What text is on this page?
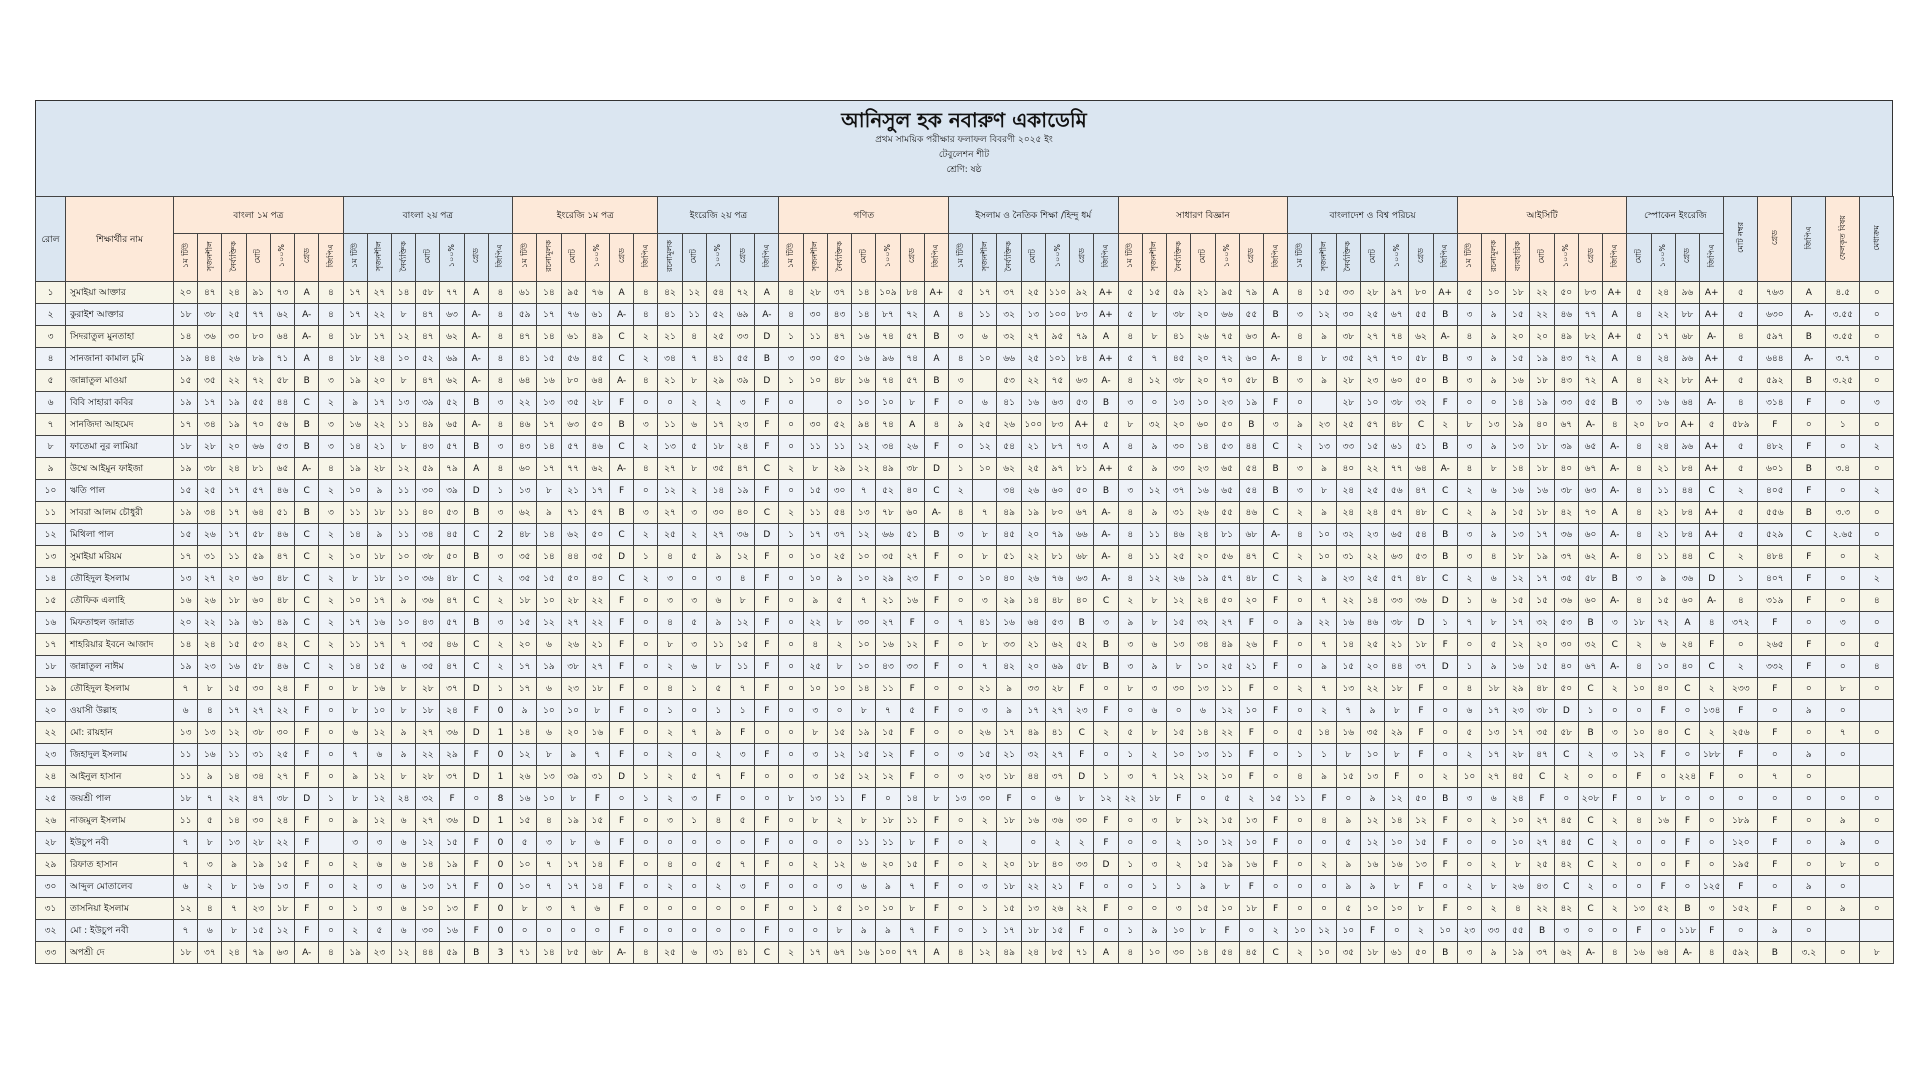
আনিসুল হক নবারুণ একাডেমি
প্রথম সাময়িক পরীক্ষার ফলাফল বিবরণী ২০২৫ ইং
টেবুলেশন শীট
শ্রেণি: ষষ্ঠ
রোল	শিক্ষার্থীর নাম	বাংলা ১ম পত্র	বাংলা ২য় পত্র	ইংরেজি ১ম পত্র	ইংরেজি ২য় পত্র	গণিত	ইসলাম ও নৈতিক শিক্ষা /হিন্দু ধর্ম	সাধারণ বিজ্ঞান	বাংলাদেশ ও বিশ্ব পরিচয়	আইসিটি	স্পোকেন ইংরেজি	মোট নম্বর	গ্রেড	জিপিএ	ফেলকৃত বিষয়	মেধাক্রম
১ম টিউ	সৃজনশীল	নৈর্ব্যক্তিক	মোট	১০০%	গ্রেড	জিপিএ	১ম টিউ	সৃজনশীল	নৈর্ব্যক্তিক	মোট	১০০%	গ্রেড	জিপিএ	১ম টিউ	রচনামূলক	মোট	১০০%	গ্রেড	জিপিএ	রচনামূলক	মোট	১০০%	গ্রেড	জিপিএ	১ম টিউ	সৃজনশীল	নৈর্ব্যক্তিক	মোট	১০০%	গ্রেড	জিপিএ	১ম টিউ	সৃজনশীল	নৈর্ব্যক্তিক	মোট	১০০%	গ্রেড	জিপিএ	১ম টিউ	সৃজনশীল	নৈর্ব্যক্তিক	মোট	১০০%	গ্রেড	জিপিএ	১ম টিউ	সৃজনশীল	নৈর্ব্যক্তিক	মোট	১০০%	গ্রেড	জিপিএ	১ম টিউ	রচনামূলক	ব্যবহারিক	মোট	১০০%	গ্রেড	জিপিএ	মোট	১০০%	গ্রেড	জিপিএ
১	সুমাইয়া আক্তার	২০	৪৭	২৪	৯১	৭৩	A	৪	১৭	২৭	১৪	৫৮	৭৭	A	৪	৬১	১৪	৯৫	৭৬	A	৪	৪২	১২	৫৪	৭২	A	৪	২৮	৩৭	১৪	১০৯	৮৪	A+	৫	১৭	৩৭	২৫	১১০	৯২	A+	৫	১৫	৫৯	২১	৯৫	৭৯	A	৪	১৫	৩৩	২৮	৯৭	৮০	A+	৫	১০	১৮	২২	৫০	৮৩	A+	৫	২৪	৯৬	A+	৫	৭৬৩	A	৪.৫	০
২	কুরাইশ আক্তার	১৮	৩৮	২৫	৭৭	৬২	A-	৪	১৭	২২	৮	৪৭	৬৩	A-	৪	৫৯	১৭	৭৬	৬১	A-	৪	৪১	১১	৫২	৬৯	A-	৪	৩০	৪৩	১৪	৮৭	৭২	A	৪	১১	৩২	১৩	১০০	৮৩	A+	৫	৮	৩৮	২০	৬৬	৫৫	B	৩	১২	৩০	২৫	৬৭	৫৫	B	৩	৯	১৫	২২	৪৬	৭৭	A	৪	২২	৮৮	A+	৫	৬৩০	A-	৩.৫৫	০
৩	সিদরাতুল মুনতাহা	১৪	৩৬	৩০	৮০	৬৪	A-	৪	১৮	১৭	১২	৪৭	৬২	A-	৪	৪৭	১৪	৬১	৪৯	C	২	২১	৪	২৫	৩৩	D	১	১১	৪৭	১৬	৭৪	৫৭	B	৩	৬	৩২	২৭	৯৫	৭৯	A	৪	৮	৪১	২৬	৭৫	৬৩	A-	৪	৯	৩৮	২৭	৭৪	৬২	A-	৪	৯	২০	২০	৪৯	৮২	A+	৫	১৭	৬৮	A-	৪	৫৯৭	B	৩.৫৫	০
৪	সানজানা কামাল চুমি	১৯	৪৪	২৬	৮৯	৭১	A	৪	১৮	২৪	১০	৫২	৬৯	A-	৪	৪১	১৫	৫৬	৪৫	C	২	৩৪	৭	৪১	৫৫	B	৩	৩০	৫০	১৬	৯৬	৭৪	A	৪	১০	৬৬	২৫	১০১	৮৪	A+	৫	৭	৪৫	২০	৭২	৬০	A-	৪	৮	৩৫	২৭	৭০	৫৮	B	৩	৯	১৫	১৯	৪৩	৭২	A	৪	২৪	৯৬	A+	৫	৬৪৪	A-	৩.৭	০
৫	জান্নাতুল মাওয়া	১৫	৩৫	২২	৭২	৫৮	B	৩	১৯	২০	৮	৪৭	৬২	A-	৪	৬৪	১৬	৮০	৬৪	A-	৪	২১	৮	২৯	৩৯	D	১	১০	৪৮	১৬	৭৪	৫৭	B	৩		৫৩	২২	৭৫	৬৩	A-	৪	১২	৩৮	২০	৭০	৫৮	B	৩	৯	২৮	২৩	৬০	৫০	B	৩	৯	১৬	১৮	৪৩	৭২	A	৪	২২	৮৮	A+	৫	৫৯২	B	৩.২৫	০
৬	বিবি সাহারা কবির	১৯	১৭	১৯	৫৫	৪৪	C	২	৯	১৭	১৩	৩৯	৫২	B	৩	২২	১৩	৩৫	২৮	F	০	০	২	২	৩	F	০		০	১০	১০	৮	F	০	৬	৪১	১৬	৬৩	৫৩	B	৩	০	১৩	১০	২৩	১৯	F	০		২৮	১০	৩৮	৩২	F	০	০	১৪	১৯	৩৩	৫৫	B	৩	১৬	৬৪	A-	৪	৩১৪	F	০	৩
৭	সানজিদা আহমেদ	১৭	৩৪	১৯	৭০	৫৬	B	৩	১৬	২২	১১	৪৯	৬৫	A-	৪	৪৬	১৭	৬৩	৫০	B	৩	১১	৬	১৭	২৩	F	০	৩০	৫২	৯৪	৭৪	A	৪	৯	২৫	২৬	১০০	৮৩	A+	৫	৮	৩২	২০	৬০	৫০	B	৩	৯	২৩	২৫	৫৭	৪৮	C	২	৮	১৩	১৯	৪০	৬৭	A-	৪	২০	৮০	A+	৫	৫৮৯	F	০	১	০
৮	ফাতেমা নুর লামিয়া	১৮	২৮	২০	৬৬	৫৩	B	৩	১৪	২১	৮	৪৩	৫৭	B	৩	৪৩	১৪	৫৭	৪৬	C	২	১৩	৫	১৮	২৪	F	০	১১	১১	১২	৩৪	২৬	F	০	১২	৫৪	২১	৮৭	৭৩	A	৪	৯	৩০	১৪	৫৩	৪৪	C	২	১৩	৩৩	১৫	৬১	৫১	B	৩	৯	১৩	১৮	৩৯	৬৫	A-	৪	২৪	৯৬	A+	৫	৪৮২	F	০	২
৯	উম্মে আইমুন ফাইজা	১৯	৩৮	২৪	৮১	৬৫	A-	৪	১৯	২৮	১২	৫৯	৭৯	A	৪	৬০	১৭	৭৭	৬২	A-	৪	২৭	৮	৩৫	৪৭	C	২	৮	২৯	১২	৪৯	৩৮	D	১	১০	৬২	২৫	৯৭	৮১	A+	৫	৯	৩৩	২৩	৬৫	৫৪	B	৩	৯	৪০	২২	৭৭	৬৪	A-	৪	৮	১৪	১৮	৪০	৬৭	A-	৪	২১	৮৪	A+	৫	৬০১	B	৩.৪	০
১০	ঋতি পাল	১৫	২৫	১৭	৫৭	৪৬	C	২	১০	৯	১১	৩০	৩৯	D	১	১৩	৮	২১	১৭	F	০	১২	২	১৪	১৯	F	০	১৫	৩০	৭	৫২	৪০	C	২		৩৪	২৬	৬০	৫০	B	৩	১২	৩৭	১৬	৬৫	৫৪	B	৩	৮	২৪	২৫	৫৬	৪৭	C	২	৬	১৬	১৬	৩৮	৬৩	A-	৪	১১	৪৪	C	২	৪০৫	F	০	২
১১	সাবরা আলম চৌধুরী	১৯	৩৪	১৭	৬৪	৫১	B	৩	১১	১৮	১১	৪০	৫৩	B	৩	৬২	৯	৭১	৫৭	B	৩	২৭	৩	৩০	৪০	C	২	১১	৫৪	১৩	৭৮	৬০	A-	৪	৭	৪৯	১৯	৮০	৬৭	A-	৪	৯	৩১	২৬	৫৫	৪৬	C	২	৯	২৪	২৪	৫৭	৪৮	C	২	৯	১৫	১৮	৪২	৭০	A	৪	২১	৮৪	A+	৫	৫৫৬	B	৩.৩	০
১২	মিথিলা পাল	১৫	২৬	১৭	৫৮	৪৬	C	২	১৪	৯	১১	৩৪	৪৫	C	2	৪৮	১৪	৬২	৫০	C	২	২৫	২	২৭	৩৬	D	১	১৭	৩৭	১২	৬৬	৫১	B	৩	৮	৪৫	২০	৭৯	৬৬	A-	৪	১১	৪৬	২৪	৮১	৬৮	A-	৪	১০	৩২	২৩	৬৫	৫৪	B	৩	৯	১৩	১৭	৩৬	৬০	A-	৪	২১	৮৪	A+	৫	৫২৯	C	২.৬৫	০
১৩	সুমাইয়া মরিয়ম	১৭	৩১	১১	৫৯	৪৭	C	২	১০	১৮	১০	৩৮	৫০	B	৩	৩৫	১৪	৪৪	৩৫	D	১	৪	৫	৯	১২	F	০	১০	২৫	১০	৩৫	২৭	F	০	৮	৫১	২২	৮১	৬৮	A-	৪	১১	২৫	২০	৫৬	৪৭	C	২	১০	৩১	২২	৬৩	৫৩	B	৩	৪	১৮	১৯	৩৭	৬২	A-	৪	১১	৪৪	C	২	৪৮৪	F	০	২
১৪	তৌহিদুল ইসলাম	১৩	২৭	২০	৬০	৪৮	C	২	৮	১৮	১০	৩৬	৪৮	C	২	৩৫	১৫	৫০	৪০	C	২	৩	০	৩	৪	F	০	১০	৯	১০	২৯	২৩	F	০	১০	৪০	২৬	৭৬	৬৩	A-	৪	১২	২৬	১৯	৫৭	৪৮	C	২	৯	২৩	২৫	৫৭	৪৮	C	২	৬	১২	১৭	৩৫	৫৮	B	৩	৯	৩৬	D	১	৪০৭	F	০	২
১৫	তৌফিক এলাহি	১৬	২৬	১৮	৬০	৪৮	C	২	১০	১৭	৯	৩৬	৪৭	C	২	১৮	১০	২৮	২২	F	০	৩	৩	৬	৮	F	০	৯	৫	৭	২১	১৬	F	০	৩	২৯	১৪	৪৮	৪০	C	২	৮	১২	২৪	৫০	২০	F	০	৭	২২	১৪	৩৩	৩৬	D	১	৬	১৫	১৫	৩৬	৬০	A-	৪	১৫	৬০	A-	৪	৩১৯	F	০	৪
১৬	মিফতাহুল জান্নাত	২০	২২	১৯	৬১	৪৯	C	২	১৭	১৬	১০	৪৩	৫৭	B	৩	১৫	১২	২৭	২২	F	০	৪	৫	৯	১২	F	০	২২	৮	৩০	২৭	F	০	৭	৪১	১৬	৬৪	৫৩	B	৩	৯	৮	১৫	৩২	২৭	F	০	৯	২২	১৬	৪৬	৩৮	D	১	৭	৮	১৭	৩২	৫৩	B	৩	১৮	৭২	A	৪	৩৭২	F	০	৩	০
১৭	শাহরিয়ার ইবনে আজাদ	১৪	২৪	১৫	৫৩	৪২	C	২	১১	১৭	৭	৩৫	৪৬	C	২	২০	৬	২৬	২১	F	০	৮	৩	১১	১৫	F	০	৪	২	১০	১৬	১২	F	০	৮	৩৩	২১	৬২	৫২	B	৩	৬	১৩	৩৪	৪৯	২৬	F	০	৭	১৪	২৫	২১	১৮	F	০	৫	১২	২০	৩০	৩২	C	২	৬	২৪	F	০	২৬৫	F	০	৫
১৮	জান্নাতুল নাঈম	১৯	২৩	১৬	৫৮	৪৬	C	২	১৪	১৫	৬	৩৫	৪৭	C	২	১৭	১৯	৩৮	২৭	F	০	২	৬	৮	১১	F	০	২৫	৮	১০	৪৩	৩৩	F	০	৭	৪২	২০	৬৯	৫৮	B	৩	৯	৮	১০	২৫	২১	F	০	৯	১৫	২০	৪৪	৩৭	D	১	৯	১৬	১৫	৪০	৬৭	A-	৪	১০	৪০	C	২	৩৩২	F	০	৪
১৯	তৌহিদুল ইসলাম	৭	৮	১৫	৩০	২৪	F	০	৮	১৬	৮	২৮	৩৭	D	১	১৭	৬	২৩	১৮	F	০	৪	১	৫	৭	F	০	১০	১০	১৪	১১	F	০	০	২১	৯	৩৩	২৮	F	০	৮	৩	৩০	১৩	১১	F	০	২	৭	১৩	২২	১৮	F	০	৪	১৮	২৯	৪৮	৫০	C	২	১০	৪০	C	২	২৩৩	F	০	৮	০
২০	ওয়াসী উল্লাহ	৬	৪	১৭	২৭	২২	F	০	৮	১০	৮	১৮	২৪	F	0	৯	১০	১০	৮	F	০	১	০	১	১	F	০	৩	০	৮	৭	৫	F	০	৩	৯	১৭	২৭	২৩	F	০	৬	০	৬	১২	১০	F	০	২	৭	৯	৮	F	০	৬	১৭	২৩	৩৮	D	১	০	০	F	০	১৩৪	F	০	৯	০	
২২	মো: রায়হান	১৩	১৩	১২	৩৮	৩০	F	০	৬	১২	৯	২৭	৩৬	D	1	১৪	৬	২০	১৬	F	০	২	৭	৯	F	০	০	৮	১৫	১৯	১৫	F	০	০	২৬	১৭	৪৯	৪১	C	২	৫	৮	১৫	১৪	২২	F	০	৫	১৪	১৬	৩৫	২৯	F	০	৫	১৩	১৭	৩৫	৫৮	B	৩	১০	৪০	C	২	২৫৬	F	০	৭	০
২৩	জিহাদুল ইসলাম	১১	১৬	১১	৩১	২৫	F	০	৭	৬	৯	২২	২৯	F	0	১২	৮	৯	৭	F	০	২	০	২	৩	F	০	৩	১২	১৫	১২	F	০	৩	১৫	২১	৩২	২৭	F	০	১	২	১০	১৩	১১	F	০	১	১	৮	১০	৮	F	০	২	১৭	২৮	৪৭	C	২	৩	১২	F	০	১৮৮	F	০	৯	০	
২৪	আইনুল হাসান	১১	৯	১৪	৩৪	২৭	F	০	৯	১২	৮	২৮	৩৭	D	1	২৬	১৩	৩৯	৩১	D	১	২	৫	৭	F	০	০	৩	১৫	১২	১২	F	০	৩	২৩	১৮	৪৪	৩৭	D	১	৩	৭	১২	১২	১০	F	০	৪	৯	১৫	১৩	F	০	২	১০	২৭	৪৫	C	২	০	০	F	০	২২৪	F	০	৭	০		
২৫	জয়শ্রী পাল	১৮	৭	২২	৪৭	৩৮	D	১	৮	১২	২৪	৩২	F	০	8	১৬	১০	৮	F	০	১	২	৩	F	০	০	৮	১৩	১১	F	০	১৪	৮	১৩	৩০	F	০	৬	৮	১২	২২	১৮	F	০	৫	২	১৫	১১	F	০	৯	১২	৫০	B	৩	৬	২৪	F	০	২০৮	F	০	৮	০	০	০	০	০	০	০
২৬	নাজমুল ইসলাম	১১	৫	১৪	৩০	২৪	F	০	৯	১২	৬	২৭	৩৬	D	1	১৫	৪	১৯	১৫	F	০	৩	১	৪	৫	F	০	৮	২	৮	১৮	১১	F	০	২	১৮	১৬	৩৬	৩০	F	০	৩	৮	১২	১৫	১৩	F	০	৪	৯	১২	১৪	১২	F	০	২	১০	২৭	৪৫	C	২	৪	১৬	F	০	১৮৯	F	০	৯	০
২৮	ইউচুপ নবী	৭	৮	১৩	২৮	২২	F		৩	৩	৬	১২	১৫	F	0	৫	৩	৮	৬	F	০	০	০	০	০	F	০	০	০	১১	১১	৮	F	০	২		০	২	২	F	০	০	২	১০	১২	১০	F	০	০	৫	১২	১০	১৫	F	০	০	১০	২৭	৪৫	C	২	০	০	F	০	১২০	F	০	৯	০
২৯	রিফাত হাসান	৭	৩	৯	১৯	১৫	F	০	২	৬	৬	১৪	১৯	F	0	১০	৭	১৭	১৪	F	০	৪	০	৫	৭	F	০	২	১২	৬	২০	১৫	F	০	২	২০	১৮	৪০	৩৩	D	১	৩	২	১৫	১৯	১৬	F	০	২	৯	১৬	১৬	১৩	F	০	২	৮	২৫	৪২	C	২	০	০	F	০	১৯৫	F	০	৮	০
৩০	আব্দুল মোতালেব	৬	২	৮	১৬	১৩	F	০	২	৩	৬	১৩	১৭	F	0	১০	৭	১৭	১৪	F	০	২	০	২	৩	F	০	০	৩	৬	৯	৭	F	০	৩	১৮	২২	২১	F	০	০	১	১	৯	৮	F	০	০	০	৯	৯	৮	F	০	২	৮	২৬	৪৩	C	২	০	০	F	০	১২৫	F	০	৯	০	
৩১	তাসনিয়া ইসলাম	১২	৪	৭	২৩	১৮	F	০	১	৩	৬	১০	১৩	F	0	৮	৩	৭	৬	F	০	০	০	০	০	F	০	১	৫	১০	১০	৮	F	০	১	১৫	১৩	২৬	২২	F	০	০	৩	১৫	১০	১৮	F	০	০	৫	১০	১০	৮	F	০	২	৪	২২	৪২	C	২	১৩	৫২	B	৩	১৫২	F	০	৯	০
৩২	মো : ইউচুপ নবী	৭	৬	৮	১৫	১২	F	০	২	৫	৬	৩০	১৬	F	0	০	০	০	০	F	০	০	০	০	০	F	০	০	৮	৯	৯	৭	F	০	১	১৭	১৮	১৫	F	০	১	৯	১০	৮	F	০	২	১০	১২	১০	F	০	২	১০	২৩	৩৩	৫৫	B	৩	০	০	F	০	১১৮	F	০	৯	০		
৩৩	অপশ্রী দে	১৮	৩৭	২৪	৭৯	৬৩	A-	৪	১৯	২৩	১২	৪৪	৫৯	B	3	৭১	১৪	৮৫	৬৮	A-	৪	২৫	৬	৩১	৪১	C	২	১৭	৬৭	১৬	১০০	৭৭	A	৪	১২	৪৯	২৪	৮৫	৭১	A	৪	১০	৩০	১৪	৫৪	৪৫	C	২	১০	৩৫	১৮	৬১	৫০	B	৩	৯	১৯	৩৭	৬২	A-	৪	১৬	৬৪	A-	৪	৫৯২	B	৩.২	০	৮
